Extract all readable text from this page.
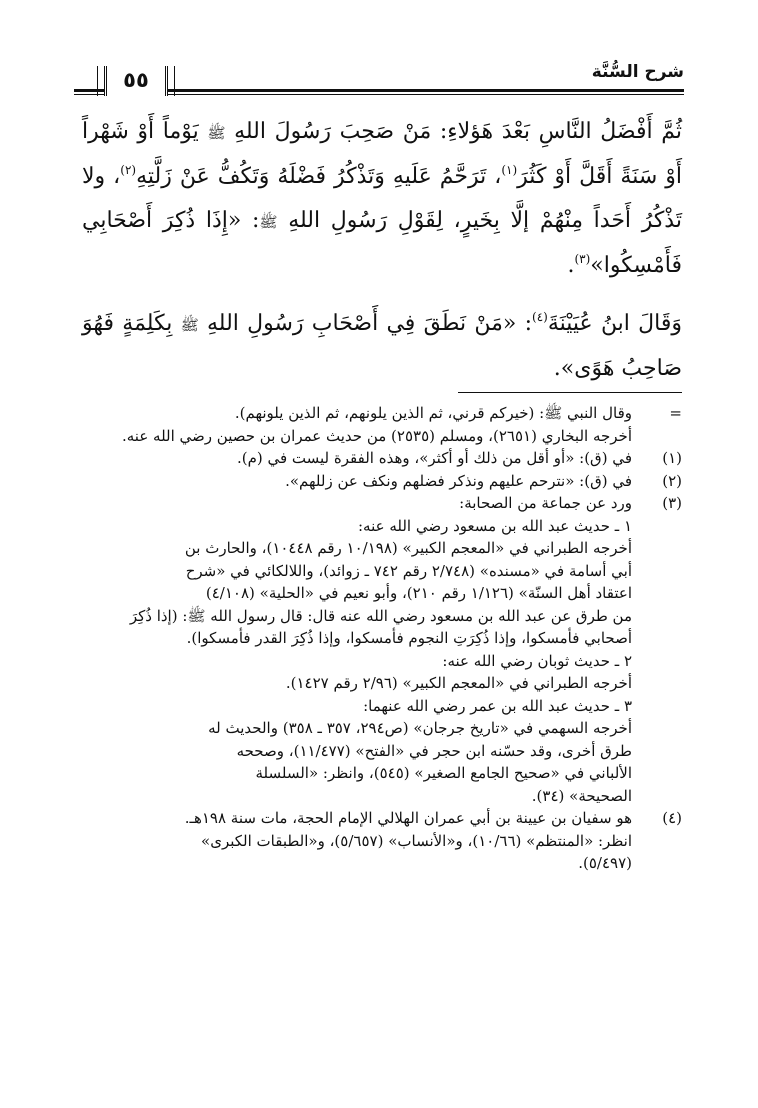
٥٥	شرح السُّنَّة

ثُمَّ أَفْضَلُ النَّاسِ بَعْدَ هَؤلاءِ: مَنْ صَحِبَ رَسُولَ اللهِ ﷺ يَوْماً أَوْ شَهْراً أَوْ سَنَةً أَقَلَّ أَوْ كَثُرَ$^{(١)}$، تَرَحَّمُ عَلَيهِ وَتَذْكُرُ فَضْلَهُ وَتَكُفُّ عَنْ زَلَّتِهِ$^{(٢)}$، ولا تَذْكُرُ أَحَداً مِنْهُمْ إلَّا بِخَيرٍ، لِقَوْلِ رَسُولِ اللهِ ﷺ: «إِذَا ذُكِرَ أَصْحَابِي فَأَمْسِكُوا»$^{(٣)}$.

وَقَالَ ابنُ عُيَيْنَةَ$^{(٤)}$: «مَنْ نَطَقَ فِي أَصْحَابِ رَسُولِ اللهِ ﷺ بِكَلِمَةٍ فَهُوَ صَاحِبُ هَوًى».

=
وقال النبي ﷺ: (خيركم قرني، ثم الذين يلونهم، ثم الذين يلونهم).
أخرجه البخاري (٢٦٥١)، ومسلم (٢٥٣٥) من حديث عمران بن حصين رضي الله عنه.
(١)
في (ق): «أو أقل من ذلك أو أكثر»، وهذه الفقرة ليست في (م).
(٢)
في (ق): «نترحم عليهم ونذكر فضلهم ونكف عن زللهم».
(٣)
ورد عن جماعة من الصحابة:
١ ـ حديث عبد الله بن مسعود رضي الله عنه:
أخرجه الطبراني في «المعجم الكبير» (١٠/١٩٨ رقم ١٠٤٤٨)، والحارث بن
أبي أسامة في «مسنده» (٢/٧٤٨ رقم ٧٤٢ ـ زوائد)، واللالكائي في «شرح
اعتقاد أهل السنّة» (١/١٢٦ رقم ٢١٠)، وأبو نعيم في «الحلية» (٤/١٠٨)
من طرق عن عبد الله بن مسعود رضي الله عنه قال: قال رسول الله ﷺ: (إذا ذُكِرَ
أصحابي فأمسكوا، وإذا ذُكِرَتِ النجوم فأمسكوا، وإذا ذُكِرَ القدر فأمسكوا).
٢ ـ حديث ثوبان رضي الله عنه:
أخرجه الطبراني في «المعجم الكبير» (٢/٩٦ رقم ١٤٢٧).
٣ ـ حديث عبد الله بن عمر رضي الله عنهما:
أخرجه السهمي في «تاريخ جرجان» (ص٢٩٤، ٣٥٧ ـ ٣٥٨) والحديث له
طرق أخرى، وقد حسّنه ابن حجر في «الفتح» (١١/٤٧٧)، وصححه
الألباني في «صحيح الجامع الصغير» (٥٤٥)، وانظر: «السلسلة
الصحيحة» (٣٤).
(٤)
هو سفيان بن عيينة بن أبي عمران الهلالي الإمام الحجة، مات سنة ١٩٨هـ.
انظر: «المنتظم» (١٠/٦٦)، و«الأنساب» (٥/٦٥٧)، و«الطبقات الكبرى»
(٥/٤٩٧).
